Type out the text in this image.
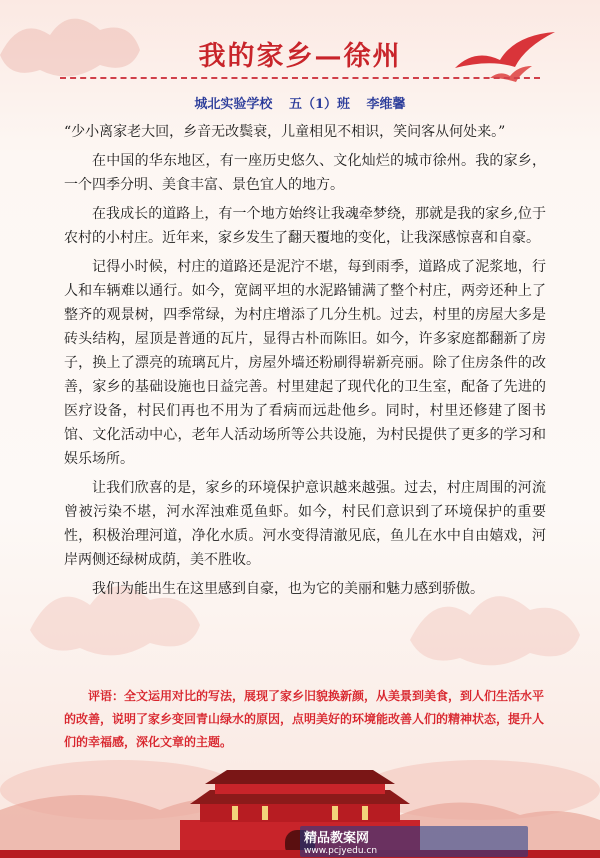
我的家乡—徐州
城北实验学校 五（1）班 李维馨

“少小离家老大回，乡音无改鬓衰，儿童相见不相识，笑问客从何处来。”

在中国的华东地区，有一座历史悠久、文化灿烂的城市徐州。我的家乡，一个四季分明、美食丰富、景色宜人的地方。

在我成长的道路上，有一个地方始终让我魂牵梦绕，那就是我的家乡,位于农村的小村庄。近年来，家乡发生了翻天覆地的变化，让我深感惊喜和自豪。

记得小时候，村庄的道路还是泥泞不堪，每到雨季，道路成了泥浆地，行人和车辆难以通行。如今，宽阔平坦的水泥路铺满了整个村庄，两旁还种上了整齐的观景树，四季常绿，为村庄增添了几分生机。过去，村里的房屋大多是砖头结构，屋顶是普通的瓦片，显得古朴而陈旧。如今，许多家庭都翻新了房子，换上了漂亮的琉璃瓦片，房屋外墙还粉刷得崭新亮丽。除了住房条件的改善，家乡的基础设施也日益完善。村里建起了现代化的卫生室，配备了先进的医疗设备，村民们再也不用为了看病而远赴他乡。同时，村里还修建了图书馆、文化活动中心，老年人活动场所等公共设施，为村民提供了更多的学习和娱乐场所。

让我们欣喜的是，家乡的环境保护意识越来越强。过去，村庄周围的河流曾被污染不堪，河水浑浊难觅鱼虾。如今，村民们意识到了环境保护的重要性，积极治理河道，净化水质。河水变得清澈见底，鱼儿在水中自由嬉戏，河岸两侧还绿树成荫，美不胜收。

我们为能出生在这里感到自豪，也为它的美丽和魅力感到骄傲。

评语：全文运用对比的写法，展现了家乡旧貌换新颜，从美景到美食，到人们生活水平的改善，说明了家乡变回青山绿水的原因，点明美好的环境能改善人们的精神状态，提升人们的幸福感，深化文章的主题。
精品教案网
www.pcjyedu.cn
